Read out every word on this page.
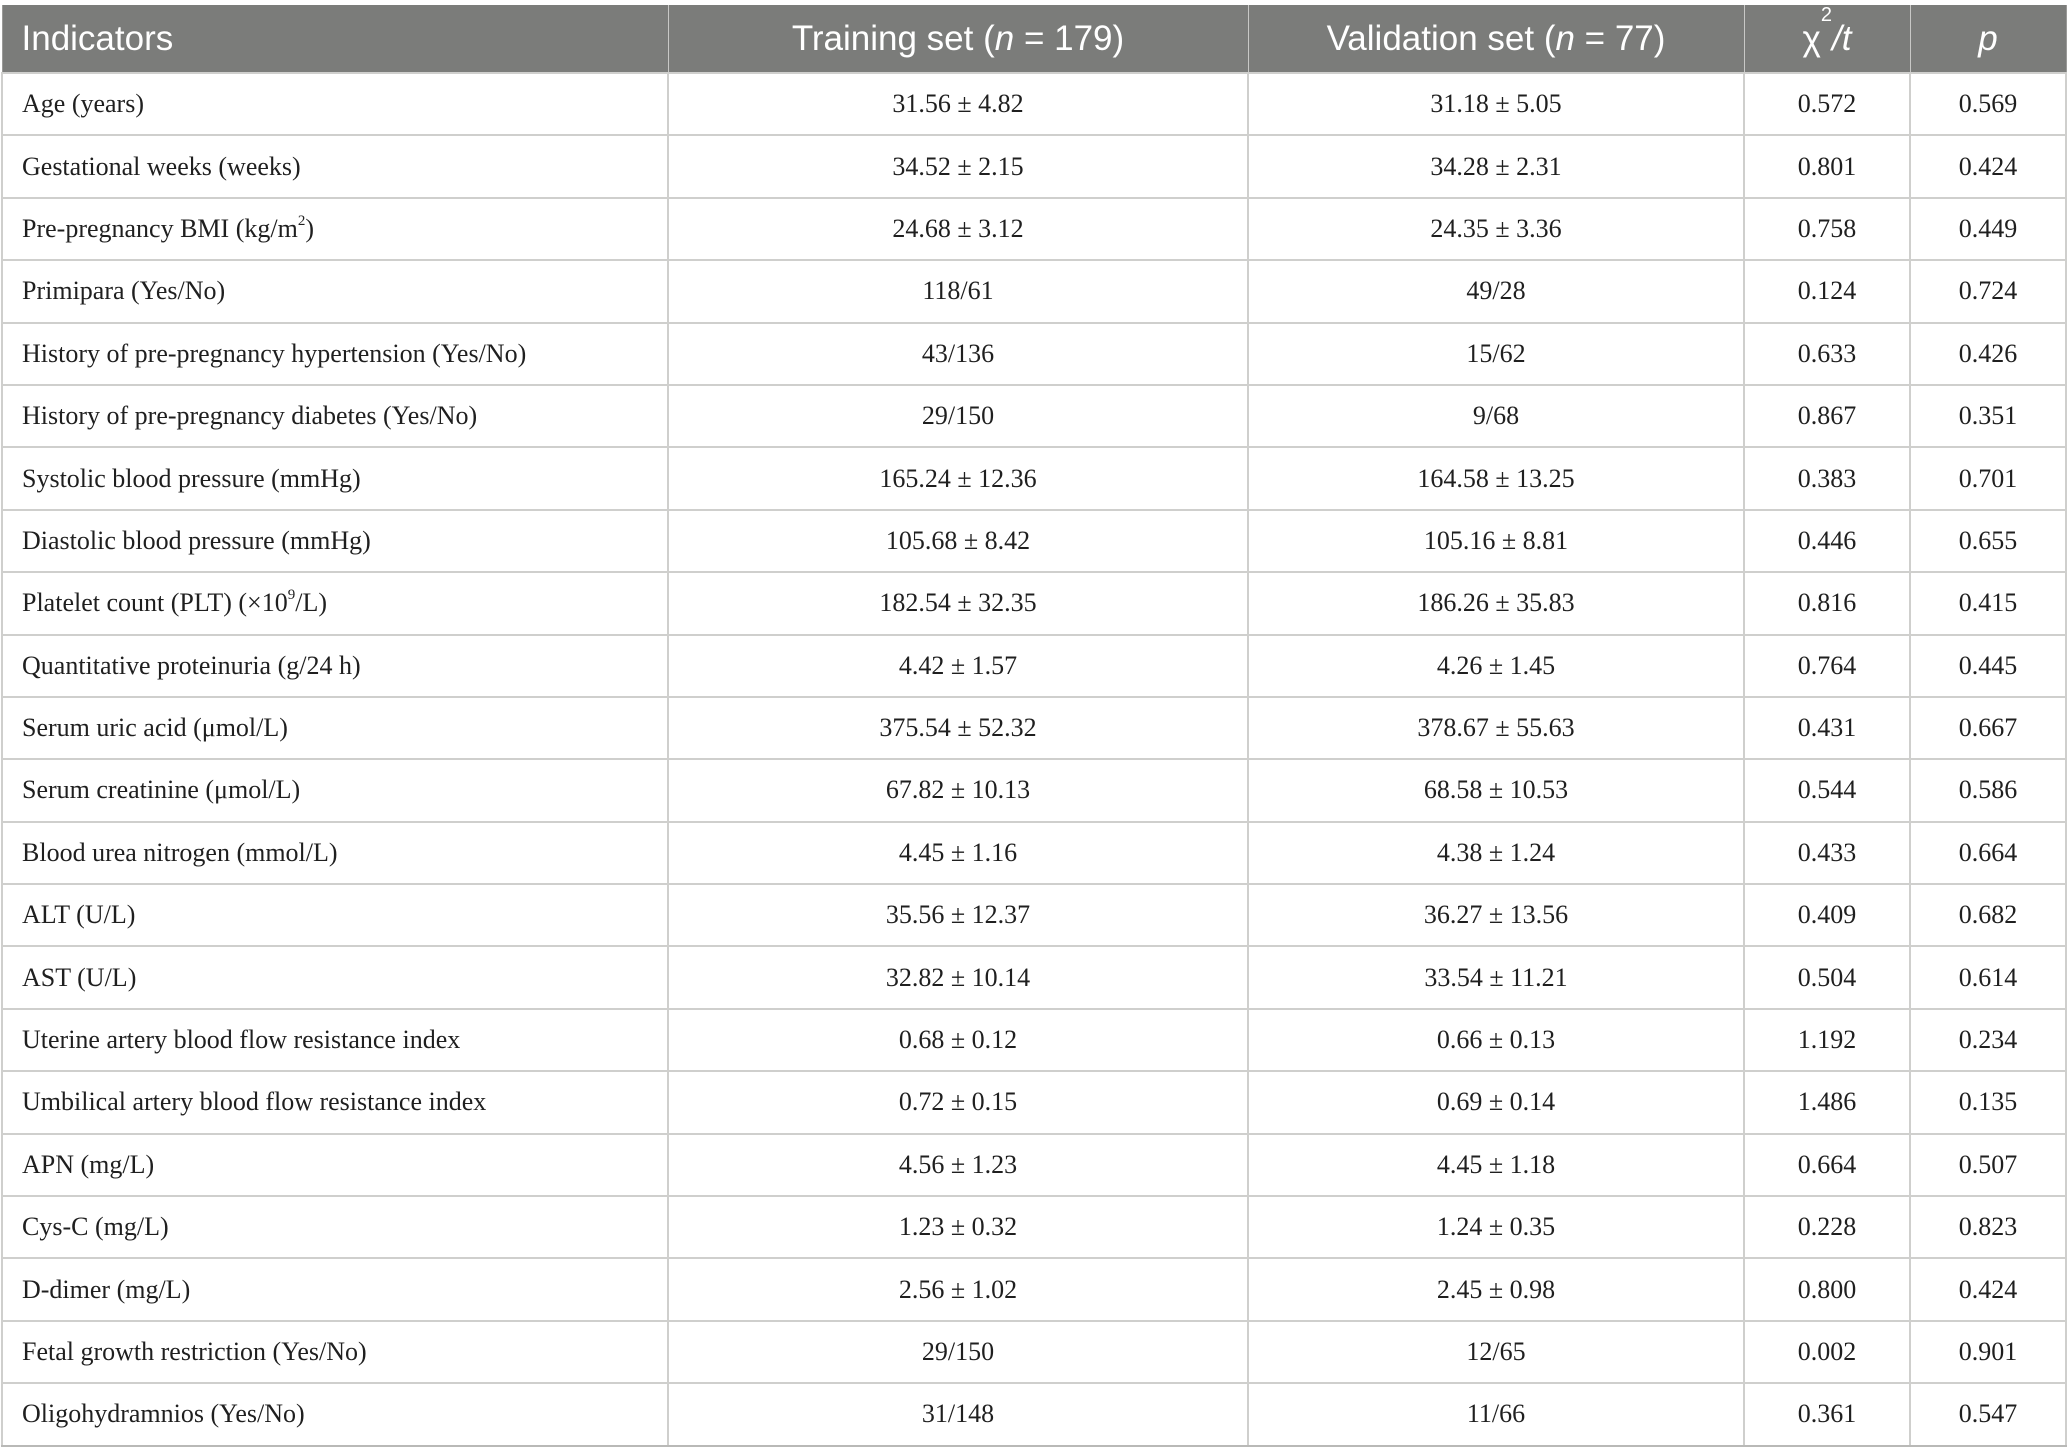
Indicators	Training set (n = 179)	Validation set (n = 77)	$\chi^2/t$	p
Age (years)	31.56 ± 4.82	31.18 ± 5.05	0.572	0.569
Gestational weeks (weeks)	34.52 ± 2.15	34.28 ± 2.31	0.801	0.424
Pre-pregnancy BMI $(kg/m^2)$	24.68 ± 3.12	24.35 ± 3.36	0.758	0.449
Primipara (Yes/No)	118/61	49/28	0.124	0.724
History of pre-pregnancy hypertension (Yes/No)	43/136	15/62	0.633	0.426
History of pre-pregnancy diabetes (Yes/No)	29/150	9/68	0.867	0.351
Systolic blood pressure (mmHg)	165.24 ± 12.36	164.58 ± 13.25	0.383	0.701
Diastolic blood pressure (mmHg)	105.68 ± 8.42	105.16 ± 8.81	0.446	0.655
Platelet count (PLT) $(\times 10^9/L)$	182.54 ± 32.35	186.26 ± 35.83	0.816	0.415
Quantitative proteinuria (g/24 h)	4.42 ± 1.57	4.26 ± 1.45	0.764	0.445
Serum uric acid (μmol/L)	375.54 ± 52.32	378.67 ± 55.63	0.431	0.667
Serum creatinine (μmol/L)	67.82 ± 10.13	68.58 ± 10.53	0.544	0.586
Blood urea nitrogen (mmol/L)	4.45 ± 1.16	4.38 ± 1.24	0.433	0.664
ALT (U/L)	35.56 ± 12.37	36.27 ± 13.56	0.409	0.682
AST (U/L)	32.82 ± 10.14	33.54 ± 11.21	0.504	0.614
Uterine artery blood flow resistance index	0.68 ± 0.12	0.66 ± 0.13	1.192	0.234
Umbilical artery blood flow resistance index	0.72 ± 0.15	0.69 ± 0.14	1.486	0.135
APN (mg/L)	4.56 ± 1.23	4.45 ± 1.18	0.664	0.507
Cys-C (mg/L)	1.23 ± 0.32	1.24 ± 0.35	0.228	0.823
D-dimer (mg/L)	2.56 ± 1.02	2.45 ± 0.98	0.800	0.424
Fetal growth restriction (Yes/No)	29/150	12/65	0.002	0.901
Oligohydramnios (Yes/No)	31/148	11/66	0.361	0.547
